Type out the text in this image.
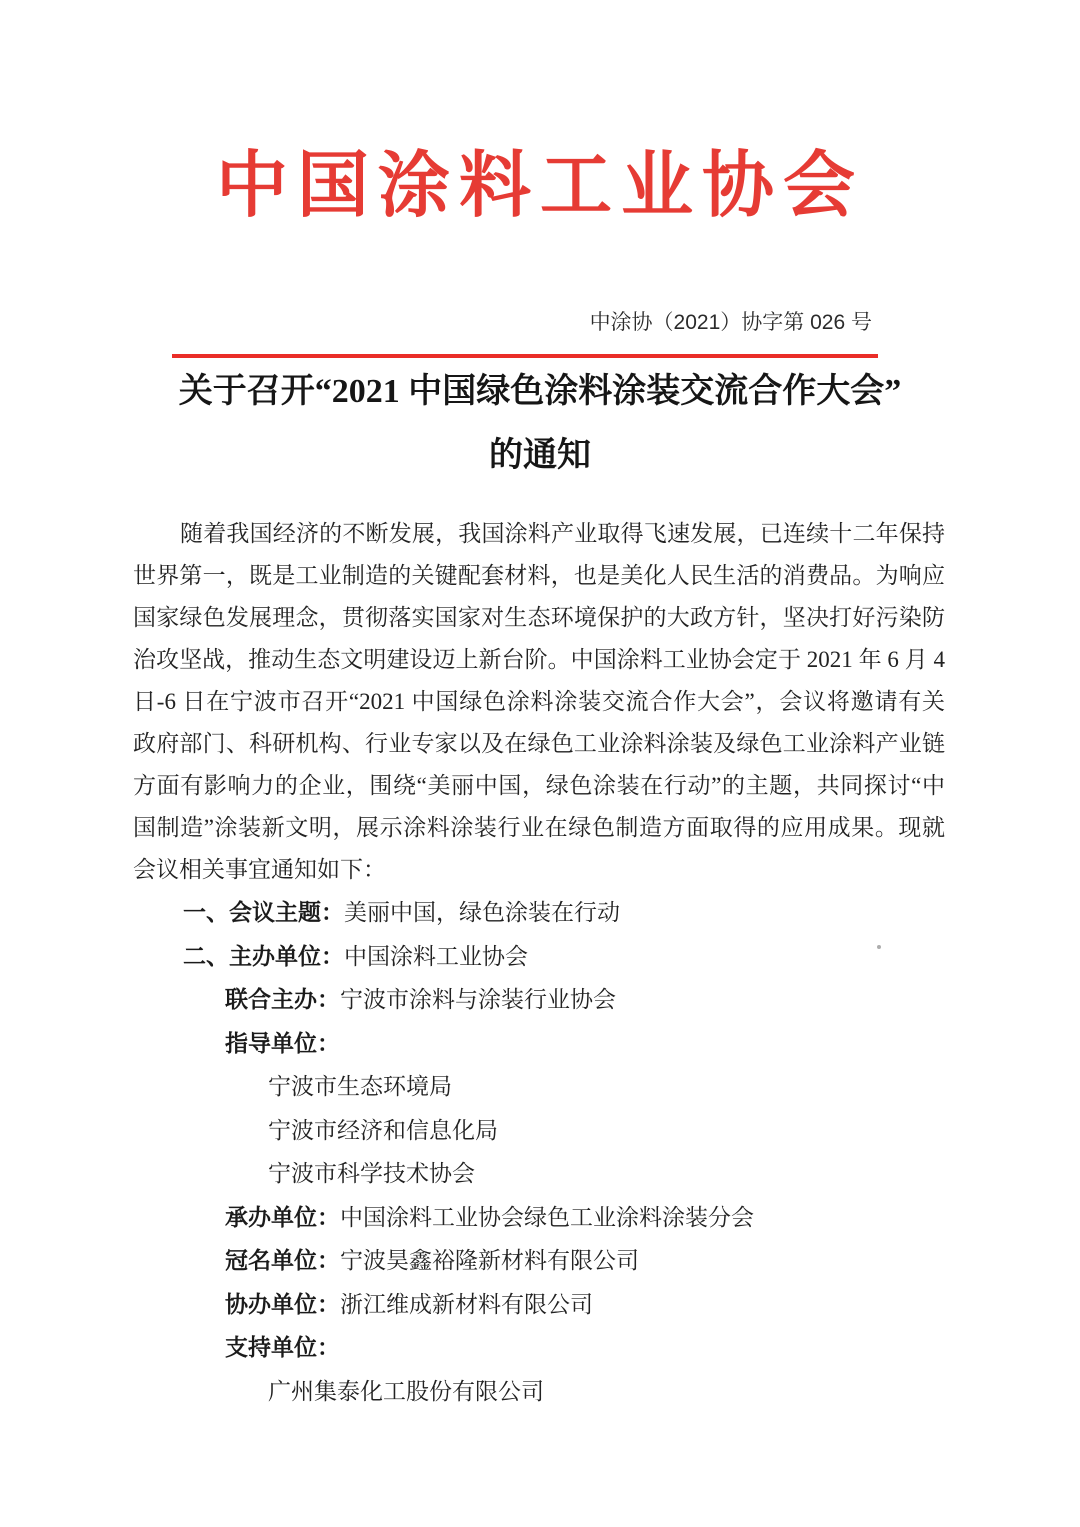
中国涂料工业协会
中涂协（2021）协字第 026 号
关于召开“2021 中国绿色涂料涂装交流合作大会”
的通知
随着我国经济的不断发展，我国涂料产业取得飞速发展，已连续十二年保持
世界第一，既是工业制造的关键配套材料，也是美化人民生活的消费品。为响应
国家绿色发展理念，贯彻落实国家对生态环境保护的大政方针，坚决打好污染防
治攻坚战，推动生态文明建设迈上新台阶。中国涂料工业协会定于 2021 年 6 月 4
日-6 日在宁波市召开“2021 中国绿色涂料涂装交流合作大会”，会议将邀请有关
政府部门、科研机构、行业专家以及在绿色工业涂料涂装及绿色工业涂料产业链
方面有影响力的企业，围绕“美丽中国，绿色涂装在行动”的主题，共同探讨“中
国制造”涂装新文明，展示涂料涂装行业在绿色制造方面取得的应用成果。现就
会议相关事宜通知如下：
一、会议主题：美丽中国，绿色涂装在行动
二、主办单位：中国涂料工业协会
联合主办：宁波市涂料与涂装行业协会
指导单位：
宁波市生态环境局
宁波市经济和信息化局
宁波市科学技术协会
承办单位：中国涂料工业协会绿色工业涂料涂装分会
冠名单位：宁波昊鑫裕隆新材料有限公司
协办单位：浙江维成新材料有限公司
支持单位：
广州集泰化工股份有限公司
